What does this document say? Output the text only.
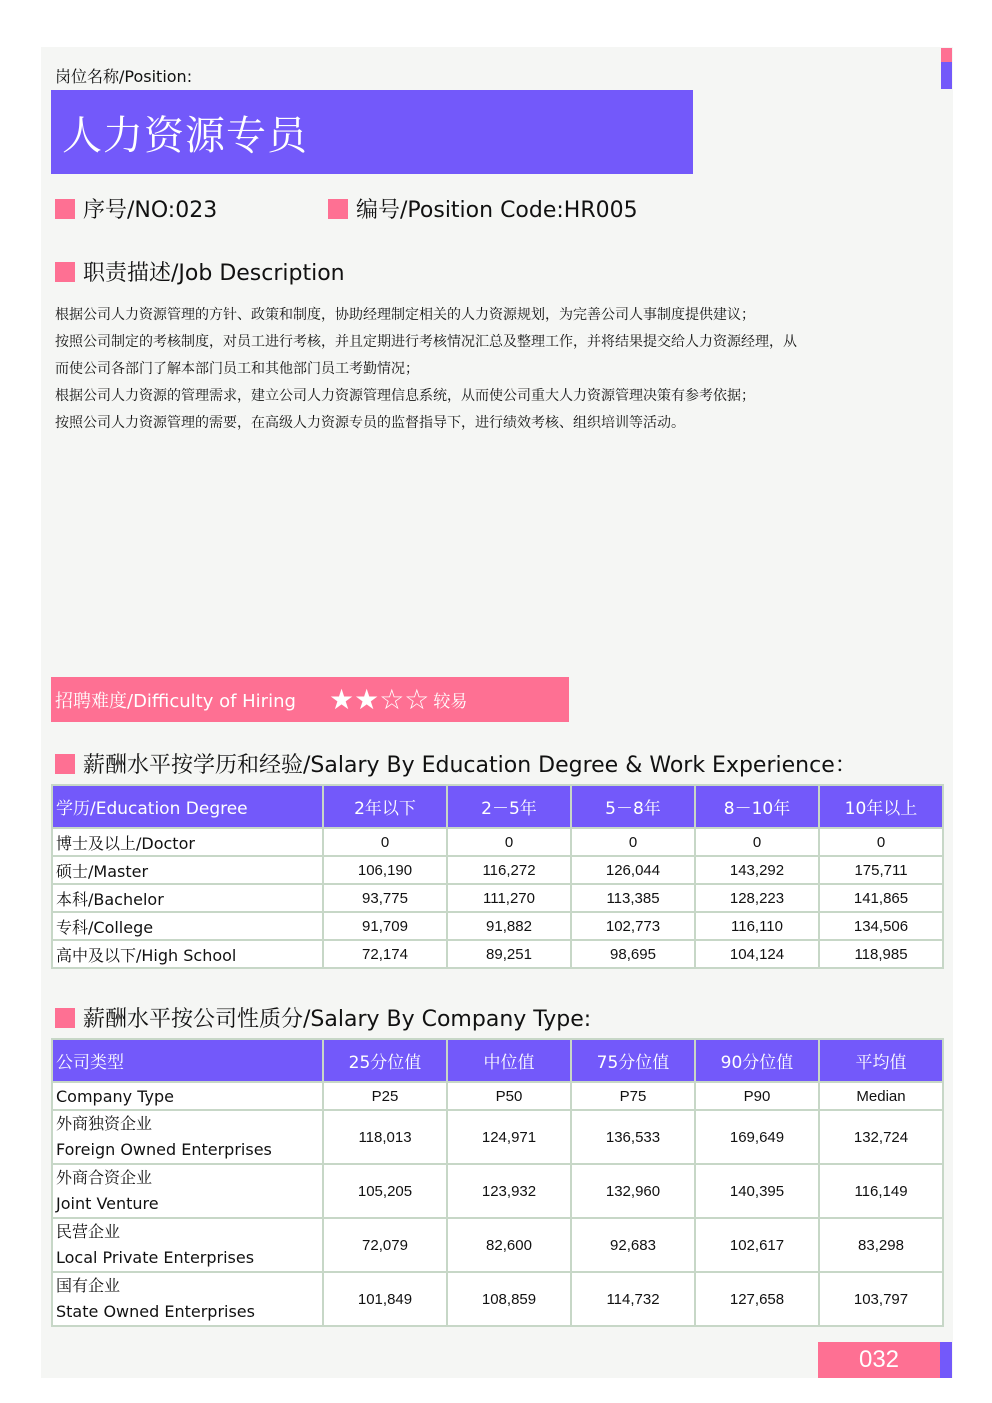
岗位名称/Position:
人力资源专员
序号/NO:023	编号/Position Code:HR005
职责描述/Job Description

根据公司人力资源管理的方针、政策和制度，协助经理制定相关的人力资源规划，为完善公司人事制度提供建议；

按照公司制定的考核制度，对员工进行考核，并且定期进行考核情况汇总及整理工作，并将结果提交给人力资源经理，从

而使公司各部门了解本部门员工和其他部门员工考勤情况；

根据公司人力资源的管理需求，建立公司人力资源管理信息系统，从而使公司重大人力资源管理决策有参考依据；

按照公司人力资源管理的需要，在高级人力资源专员的监督指导下，进行绩效考核、组织培训等活动。

招聘难度/Difficulty of Hiring	★★☆☆ 较易
薪酬水平按学历和经验/Salary By Education Degree & Work Experience：
学历/Education Degree	2年以下	2－5年	5－8年	8－10年	10年以上
博士及以上/Doctor	0	0	0	0	0
硕士/Master	106,190	116,272	126,044	143,292	175,711
本科/Bachelor	93,775	111,270	113,385	128,223	141,865
专科/College	91,709	91,882	102,773	116,110	134,506
高中及以下/High School	72,174	89,251	98,695	104,124	118,985
薪酬水平按公司性质分/Salary By Company Type:
公司类型	25分位值	中位值	75分位值	90分位值	平均值
Company Type	P25	P50	P75	P90	Median

外商独资企业
Foreign Owned Enterprises	118,013	124,971	136,533	169,649	132,724

外商合资企业
Joint Venture	105,205	123,932	132,960	140,395	116,149

民营企业
Local Private Enterprises	72,079	82,600	92,683	102,617	83,298

国有企业
State Owned Enterprises	101,849	108,859	114,732	127,658	103,797
032
